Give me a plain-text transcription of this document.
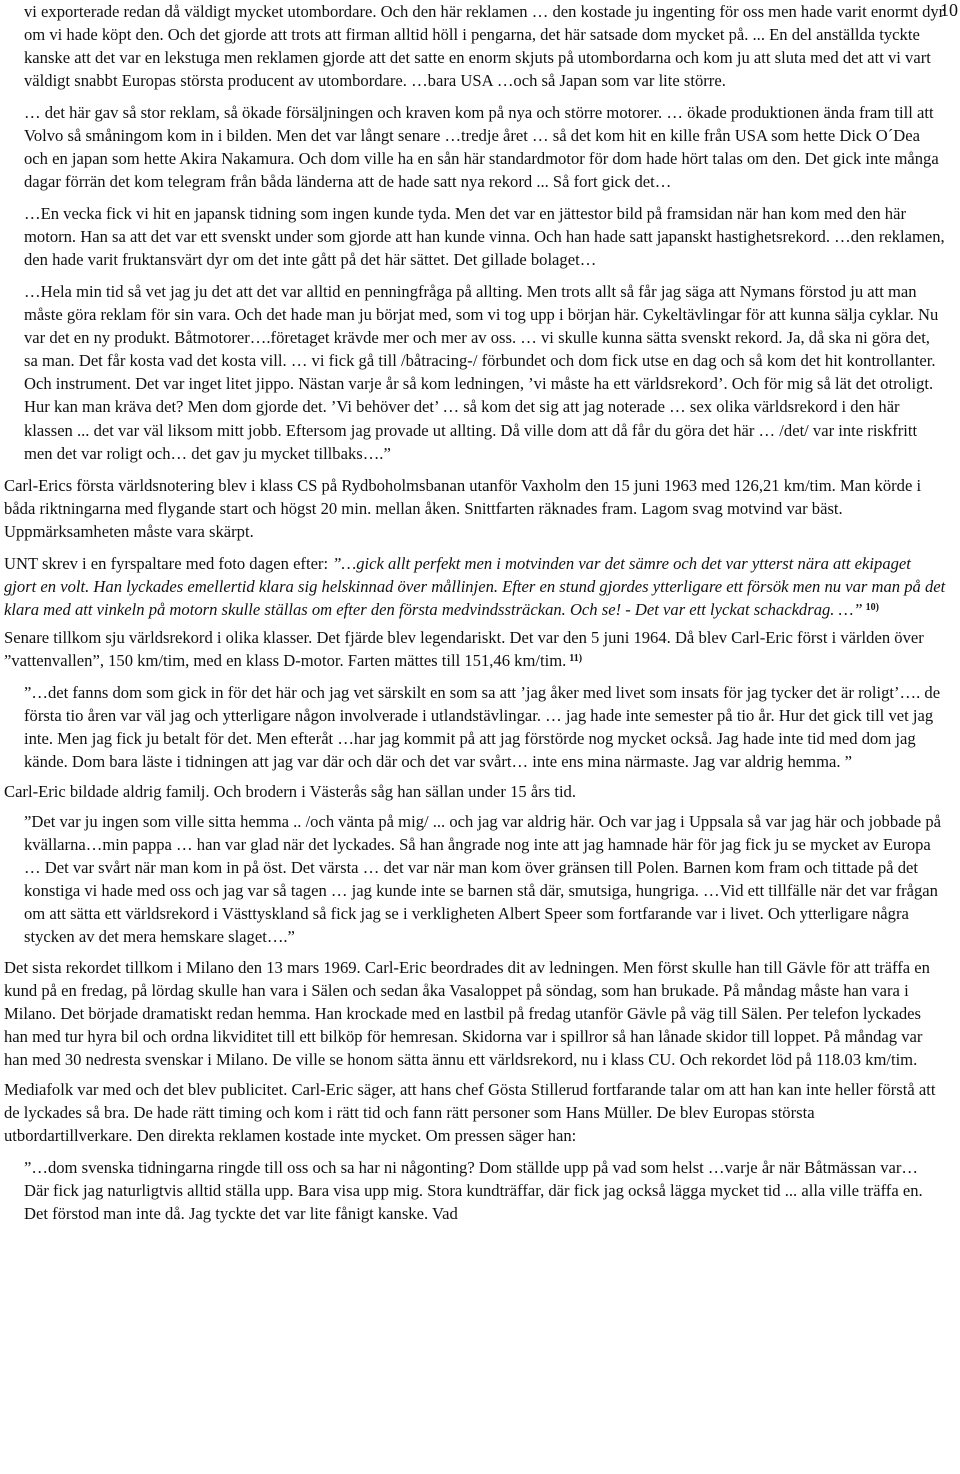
10

vi exporterade redan då väldigt mycket utombordare. Och den här reklamen … den kostade ju ingenting för oss men hade varit enormt dyr om vi hade köpt den. Och det gjorde att trots att firman alltid höll i pengarna, det här satsade dom mycket på. ... En del anställda tyckte kanske att det var en lekstuga men reklamen gjorde att det satte en enorm skjuts på utombordarna och kom ju att sluta med det att vi vart väldigt snabbt Europas största producent av utombordare. …bara USA …och så Japan som var lite större.

… det här gav så stor reklam, så ökade försäljningen och kraven kom på nya och större motorer. … ökade produktionen ända fram till att Volvo så småningom kom in i bilden. Men det var långt senare …tredje året … så det kom hit en kille från USA som hette Dick O´Dea och en japan som hette Akira Nakamura. Och dom ville ha en sån här standardmotor för dom hade hört talas om den. Det gick inte många dagar förrän det kom telegram från båda länderna att de hade satt nya rekord ... Så fort gick det…

…En vecka fick vi hit en japansk tidning som ingen kunde tyda. Men det var en jättestor bild på framsidan när han kom med den här motorn. Han sa att det var ett svenskt under som gjorde att han kunde vinna. Och han hade satt japanskt hastighetsrekord. …den reklamen, den hade varit fruktansvärt dyr om det inte gått på det här sättet. Det gillade bolaget…

…Hela min tid så vet jag ju det att det var alltid en penningfråga på allting. Men trots allt så får jag säga att Nymans förstod ju att man måste göra reklam för sin vara. Och det hade man ju börjat med, som vi tog upp i början här. Cykeltävlingar för att kunna sälja cyklar. Nu var det en ny produkt. Båtmotorer….företaget krävde mer och mer av oss. … vi skulle kunna sätta svenskt rekord. Ja, då ska ni göra det, sa man. Det får kosta vad det kosta vill. … vi fick gå till /båtracing-/ förbundet och dom fick utse en dag och så kom det hit kontrollanter. Och instrument. Det var inget litet jippo. Nästan varje år så kom ledningen, ’vi måste ha ett världsrekord’. Och för mig så lät det otroligt. Hur kan man kräva det? Men dom gjorde det. ’Vi behöver det’ … så kom det sig att jag noterade … sex olika världsrekord i den här klassen ... det var väl liksom mitt jobb. Eftersom jag provade ut allting. Då ville dom att då får du göra det här … /det/ var inte riskfritt men det var roligt och… det gav ju mycket tillbaks….”

Carl-Erics första världsnotering blev i klass CS på Rydboholmsbanan utanför Vaxholm den 15 juni 1963 med 126,21 km/tim. Man körde i båda riktningarna med flygande start och högst 20 min. mellan åken. Snittfarten räknades fram. Lagom svag motvind var bäst. Uppmärksamheten måste vara skärpt.

UNT skrev i en fyrspaltare med foto dagen efter: ”…gick allt perfekt men i motvinden var det sämre och det var ytterst nära att ekipaget gjort en volt. Han lyckades emellertid klara sig helskinnad över mållinjen. Efter en stund gjordes ytterligare ett försök men nu var man på det klara med att vinkeln på motorn skulle ställas om efter den första medvindssträckan. Och se! - Det var ett lyckat schackdrag. …” $^{10)}$

Senare tillkom sju världsrekord i olika klasser. Det fjärde blev legendariskt. Det var den 5 juni 1964. Då blev Carl-Eric först i världen över ”vattenvallen”, 150 km/tim, med en klass D-motor. Farten mättes till 151,46 km/tim. $^{11)}$

”…det fanns dom som gick in för det här och jag vet särskilt en som sa att ’jag åker med livet som insats för jag tycker det är roligt’…. de första tio åren var väl jag och ytterligare någon involverade i utlandstävlingar. … jag hade inte semester på tio år. Hur det gick till vet jag inte. Men jag fick ju betalt för det. Men efteråt …har jag kommit på att jag förstörde nog mycket också. Jag hade inte tid med dom jag kände. Dom bara läste i tidningen att jag var där och där och det var svårt… inte ens mina närmaste. Jag var aldrig hemma. ”

Carl-Eric bildade aldrig familj. Och brodern i Västerås såg han sällan under 15 års tid.

”Det var ju ingen som ville sitta hemma .. /och vänta på mig/ ... och jag var aldrig här. Och var jag i Uppsala så var jag här och jobbade på kvällarna…min pappa … han var glad när det lyckades. Så han ångrade nog inte att jag hamnade här för jag fick ju se mycket av Europa … Det var svårt när man kom in på öst. Det värsta … det var när man kom över gränsen till Polen. Barnen kom fram och tittade på det konstiga vi hade med oss och jag var så tagen … jag kunde inte se barnen stå där, smutsiga, hungriga. …Vid ett tillfälle när det var frågan om att sätta ett världsrekord i Västtyskland så fick jag se i verkligheten Albert Speer som fortfarande var i livet. Och ytterligare några stycken av det mera hemskare slaget….”

Det sista rekordet tillkom i Milano den 13 mars 1969. Carl-Eric beordrades dit av ledningen. Men först skulle han till Gävle för att träffa en kund på en fredag, på lördag skulle han vara i Sälen och sedan åka Vasaloppet på söndag, som han brukade. På måndag måste han vara i Milano. Det började dramatiskt redan hemma. Han krockade med en lastbil på fredag utanför Gävle på väg till Sälen. Per telefon lyckades han med tur hyra bil och ordna likviditet till ett bilköp för hemresan. Skidorna var i spillror så han lånade skidor till loppet. På måndag var han med 30 nedresta svenskar i Milano. De ville se honom sätta ännu ett världsrekord, nu i klass CU. Och rekordet löd på 118.03 km/tim.

Mediafolk var med och det blev publicitet. Carl-Eric säger, att hans chef Gösta Stillerud fortfarande talar om att han kan inte heller förstå att de lyckades så bra. De hade rätt timing och kom i rätt tid och fann rätt personer som Hans Müller. De blev Europas största utbordartillverkare. Den direkta reklamen kostade inte mycket. Om pressen säger han:

”…dom svenska tidningarna ringde till oss och sa har ni någonting? Dom ställde upp på vad som helst …varje år när Båtmässan var… Där fick jag naturligtvis alltid ställa upp. Bara visa upp mig. Stora kundträffar, där fick jag också lägga mycket tid ... alla ville träffa en. Det förstod man inte då. Jag tyckte det var lite fånigt kanske. Vad
